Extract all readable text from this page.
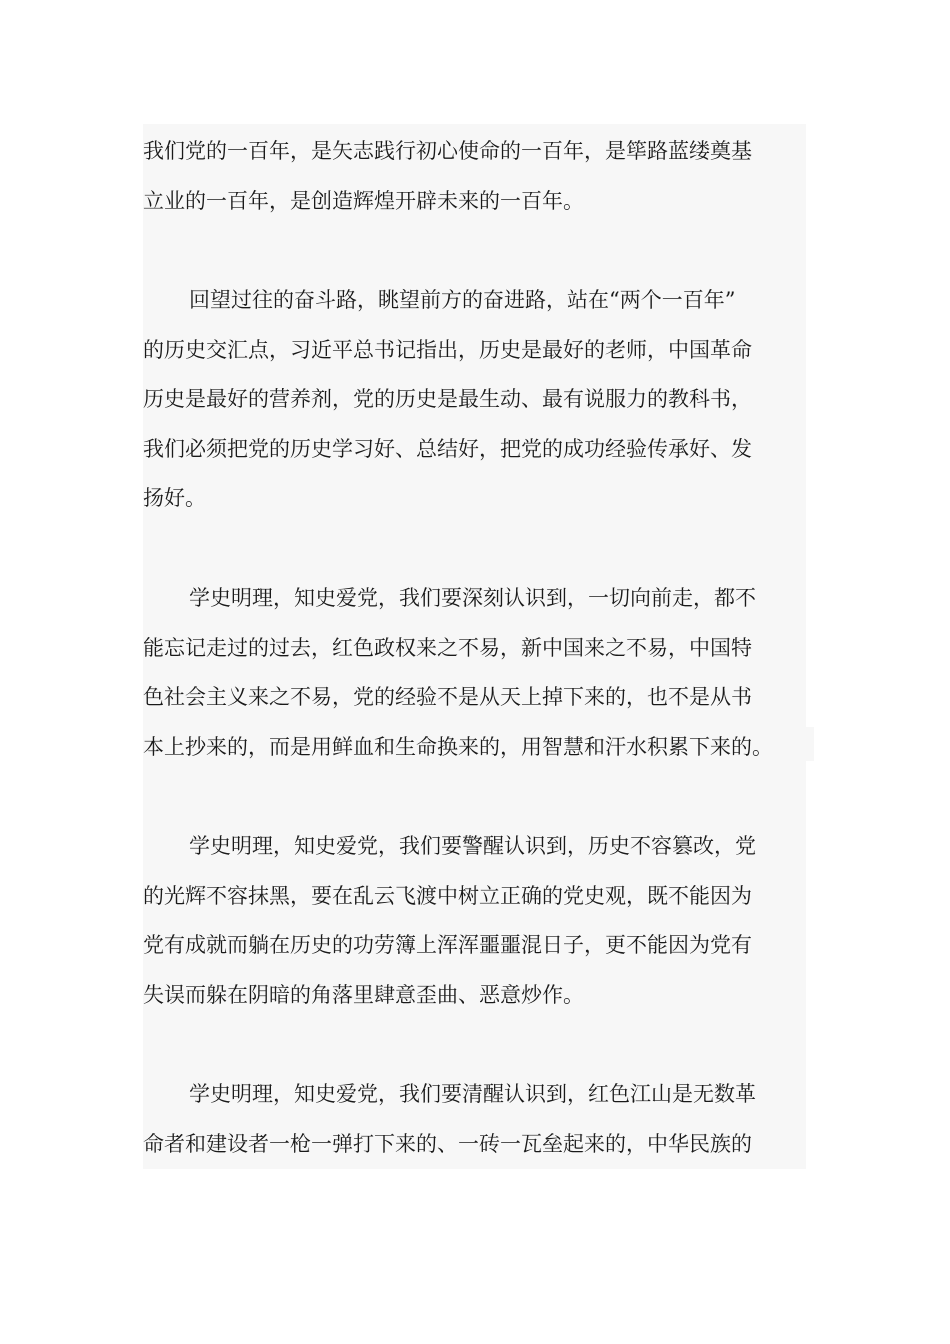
我们党的一百年，是矢志践行初心使命的一百年，是筚路蓝缕奠基
立业的一百年，是创造辉煌开辟未来的一百年。

回望过往的奋斗路，眺望前方的奋进路，站在“两个一百年”
的历史交汇点，习近平总书记指出，历史是最好的老师，中国革命
历史是最好的营养剂，党的历史是最生动、最有说服力的教科书，
我们必须把党的历史学习好、总结好，把党的成功经验传承好、发
扬好。

学史明理，知史爱党，我们要深刻认识到，一切向前走，都不
能忘记走过的过去，红色政权来之不易，新中国来之不易，中国特
色社会主义来之不易，党的经验不是从天上掉下来的，也不是从书
本上抄来的，而是用鲜血和生命换来的，用智慧和汗水积累下来的。

学史明理，知史爱党，我们要警醒认识到，历史不容篡改，党
的光辉不容抹黑，要在乱云飞渡中树立正确的党史观，既不能因为
党有成就而躺在历史的功劳簿上浑浑噩噩混日子，更不能因为党有
失误而躲在阴暗的角落里肆意歪曲、恶意炒作。

学史明理，知史爱党，我们要清醒认识到，红色江山是无数革
命者和建设者一枪一弹打下来的、一砖一瓦垒起来的，中华民族的
